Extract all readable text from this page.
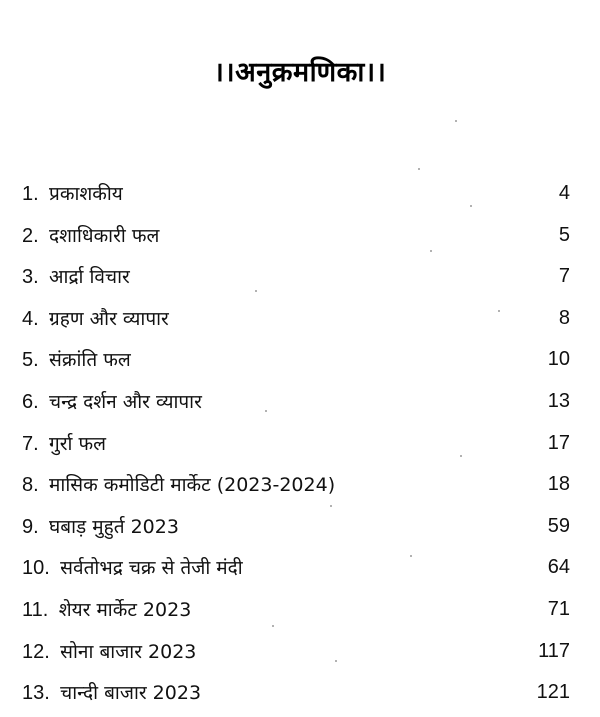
।।अनुक्रमणिका।।
1. प्रकाशकीय	4
2. दशाधिकारी फल	5
3. आर्द्रा विचार	7
4. ग्रहण और व्यापार	8
5. संक्रांति फल	10
6. चन्द्र दर्शन और व्यापार	13
7. गुर्रा फल	17
8. मासिक कमोडिटी मार्केट (2023-2024)	18
9. घबाड़ मुहुर्त 2023	59
10. सर्वतोभद्र चक्र से तेजी मंदी	64
11. शेयर मार्केट 2023	71
12. सोना बाजार 2023	117
13. चान्दी बाजार 2023	121
